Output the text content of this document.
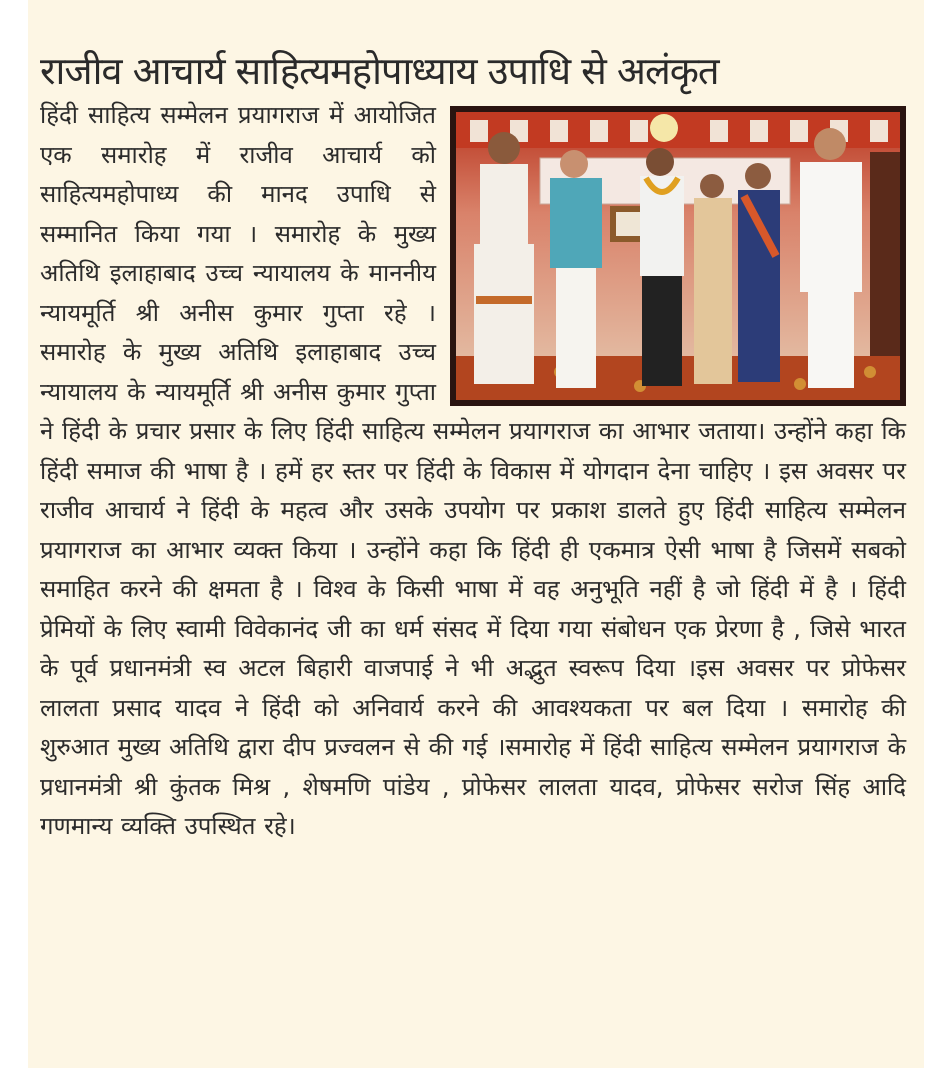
राजीव आचार्य साहित्यमहोपाध्याय उपाधि से अलंकृत
हिंदी साहित्य सम्मेलन प्रयागराज में आयोजित एक समारोह में राजीव आचार्य को साहित्यमहोपाध्य की मानद उपाधि से सम्मानित किया गया । समारोह के मुख्य अतिथि इलाहाबाद उच्च न्यायालय के माननीय न्यायमूर्ति श्री अनीस कुमार गुप्ता रहे । समारोह के मुख्य अतिथि इलाहाबाद उच्च न्यायालय के न्यायमूर्ति श्री अनीस कुमार गुप्ता ने हिंदी के प्रचार प्रसार के लिए हिंदी साहित्य सम्मेलन प्रयागराज का आभार जताया। उन्होंने कहा कि हिंदी समाज की भाषा है । हमें हर स्तर पर हिंदी के विकास में योगदान देना चाहिए । इस अवसर पर राजीव आचार्य ने हिंदी के महत्व और उसके उपयोग पर प्रकाश डालते हुए हिंदी साहित्य सम्मेलन प्रयागराज का आभार व्यक्त किया । उन्होंने कहा कि हिंदी ही एकमात्र ऐसी भाषा है जिसमें सबको समाहित करने की क्षमता है । विश्व के किसी भाषा में वह अनुभूति नहीं है जो हिंदी में है । हिंदी प्रेमियों के लिए स्वामी विवेकानंद जी का धर्म संसद में दिया गया संबोधन एक प्रेरणा है , जिसे भारत के पूर्व प्रधानमंत्री स्व अटल बिहारी वाजपाई ने भी अद्भुत स्वरूप दिया ।इस अवसर पर प्रोफेसर लालता प्रसाद यादव ने हिंदी को अनिवार्य करने की आवश्यकता पर बल दिया । समारोह की शुरुआत मुख्य अतिथि द्वारा दीप प्रज्वलन से की गई ।समारोह में हिंदी साहित्य सम्मेलन प्रयागराज के प्रधानमंत्री श्री कुंतक मिश्र , शेषमणि पांडेय , प्रोफेसर लालता यादव, प्रोफेसर सरोज सिंह आदि गणमान्य व्यक्ति उपस्थित रहे।
